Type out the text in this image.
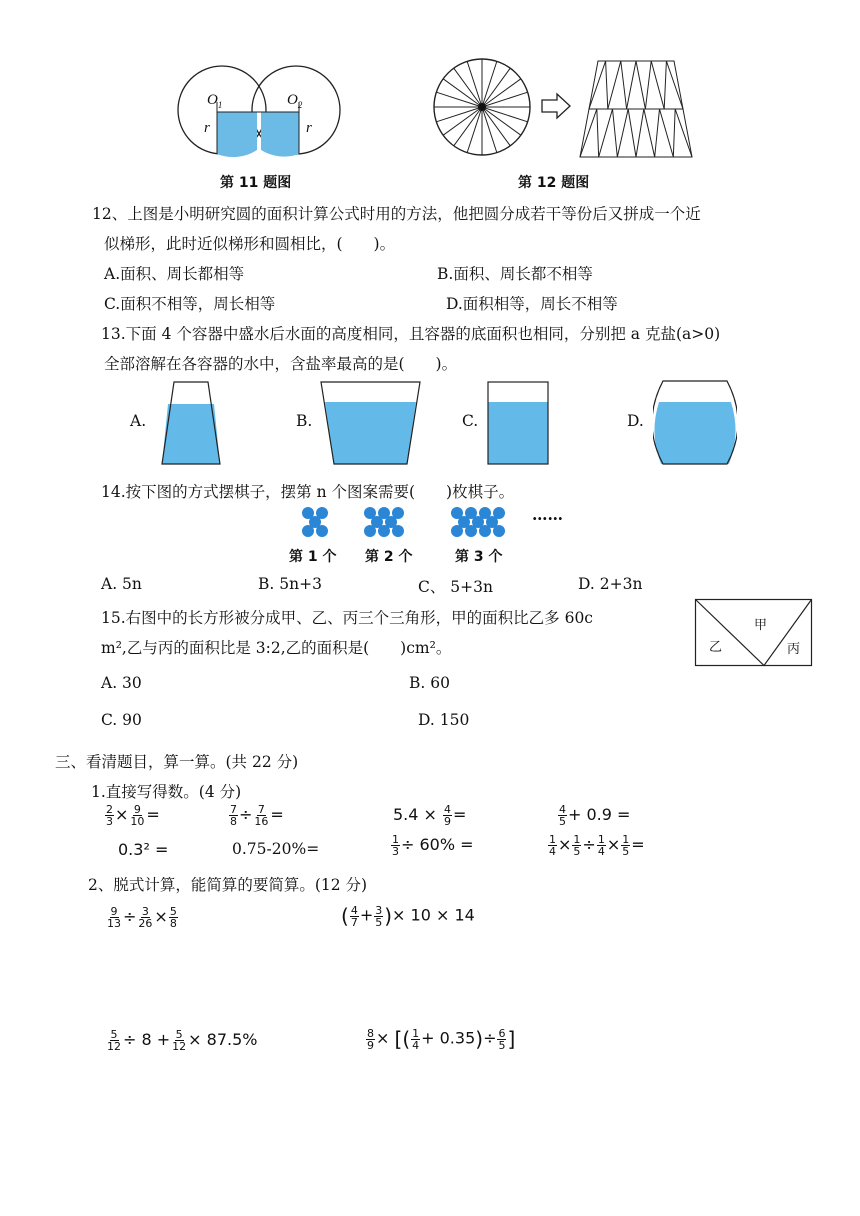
$O_1$	$O_2$
r	r
第 11 题图	第 12 题图
12、上图是小明研究圆的面积计算公式时用的方法，他把圆分成若干等份后又拼成一个近
似梯形，此时近似梯形和圆相比，(　　)。
A.面积、周长都相等	B.面积、周长都不相等
C.面积不相等，周长相等	D.面积相等，周长不相等
13.下面 4 个容器中盛水后水面的高度相同，且容器的底面积也相同，分别把 a 克盐(a>0)
全部溶解在各容器的水中，含盐率最高的是(　　)。
A.	B.	C.	D.
14.按下图的方式摆棋子，摆第 n 个图案需要(　　)枚棋子。
……
第 1 个 第 2 个	第 3 个
A. 5n	B. 5n+3	C、 5+3n	D. 2+3n
15.右图中的长方形被分成甲、乙、丙三个三角形，甲的面积比乙多 60c
m²,乙与丙的面积比是 3:2,乙的面积是(　　)cm²。
甲
乙	丙
A. 30	B. 60
C. 90	D. 150
三、看清题目，算一算。(共 22 分)
1.直接写得数。(4 分)
$\frac{2}{3} \times \frac{9}{10}$ =	$\frac{7}{8} \div \frac{7}{16}$ =	$5.4 \times \frac{4}{9}$ =	$\frac{4}{5} + 0.9$ =
0.3² =	0.75-20%=	$\frac{1}{3} \div 60\%$ =	$\frac{1}{4} \times \frac{1}{5} \div \frac{1}{4} \times \frac{1}{5}$ =
2、脱式计算，能简算的要简算。(12 分)
$\frac{9}{13} \div \frac{3}{26} \times \frac{5}{8}$	( $\frac{4}{7} + \frac{3}{5}$ )× 10 × 14
$\frac{5}{12} \div 8 + \frac{5}{12} \times 87.5\%$	$\frac{8}{9}$ × [( $\frac{1}{4} + 0.35)\div \frac{6}{5}$ ]
